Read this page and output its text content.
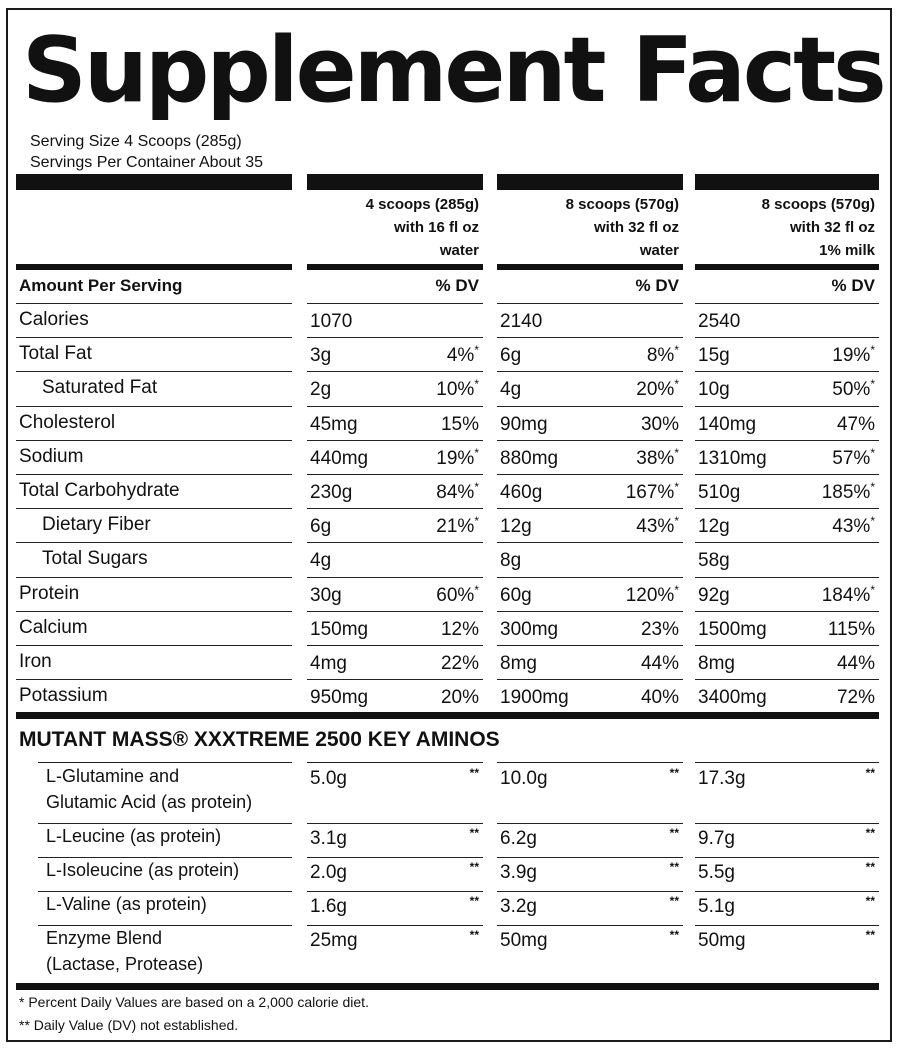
Supplement Facts
Serving Size 4 Scoops (285g)
Servings Per Container About 35
4 scoops (285g)
with 16 fl oz
water
8 scoops (570g)
with 32 fl oz
water
8 scoops (570g)
with 32 fl oz
1% milk
Amount Per Serving	% DV	% DV	% DV
Calories	1070	2140	2540
Total Fat	3g	4%* 6g	8%* 15g	19%*
Saturated Fat	2g	10%* 4g	20%* 10g	50%*
Cholesterol	45mg	15% 90mg	30% 140mg	47%
Sodium	440mg	19%* 880mg	38%* 1310mg	57%*
Total Carbohydrate	230g	84%* 460g	167%* 510g	185%*
Dietary Fiber	6g	21%* 12g	43%* 12g	43%*
Total Sugars	4g	8g	58g
Protein	30g	60%* 60g	120%* 92g	184%*
Calcium	150mg	12% 300mg	23% 1500mg	115%
Iron	4mg	22% 8mg	44% 8mg	44%
Potassium	950mg	20% 1900mg	40% 3400mg	72%
L-Glutamine and
Glutamic Acid (as protein)
5.0g	** 10.0g	** 17.3g	**
L-Leucine (as protein)	3.1g	** 6.2g	** 9.7g	**
L-Isoleucine (as protein)	2.0g	** 3.9g	** 5.5g	**
L-Valine (as protein)	1.6g	** 3.2g	** 5.1g	**
Enzyme Blend
(Lactase, Protease)
25mg	** 50mg	** 50mg	**
MUTANT MASS® XXXTREME 2500 KEY AMINOS
* Percent Daily Values are based on a 2,000 calorie diet.
** Daily Value (DV) not established.
